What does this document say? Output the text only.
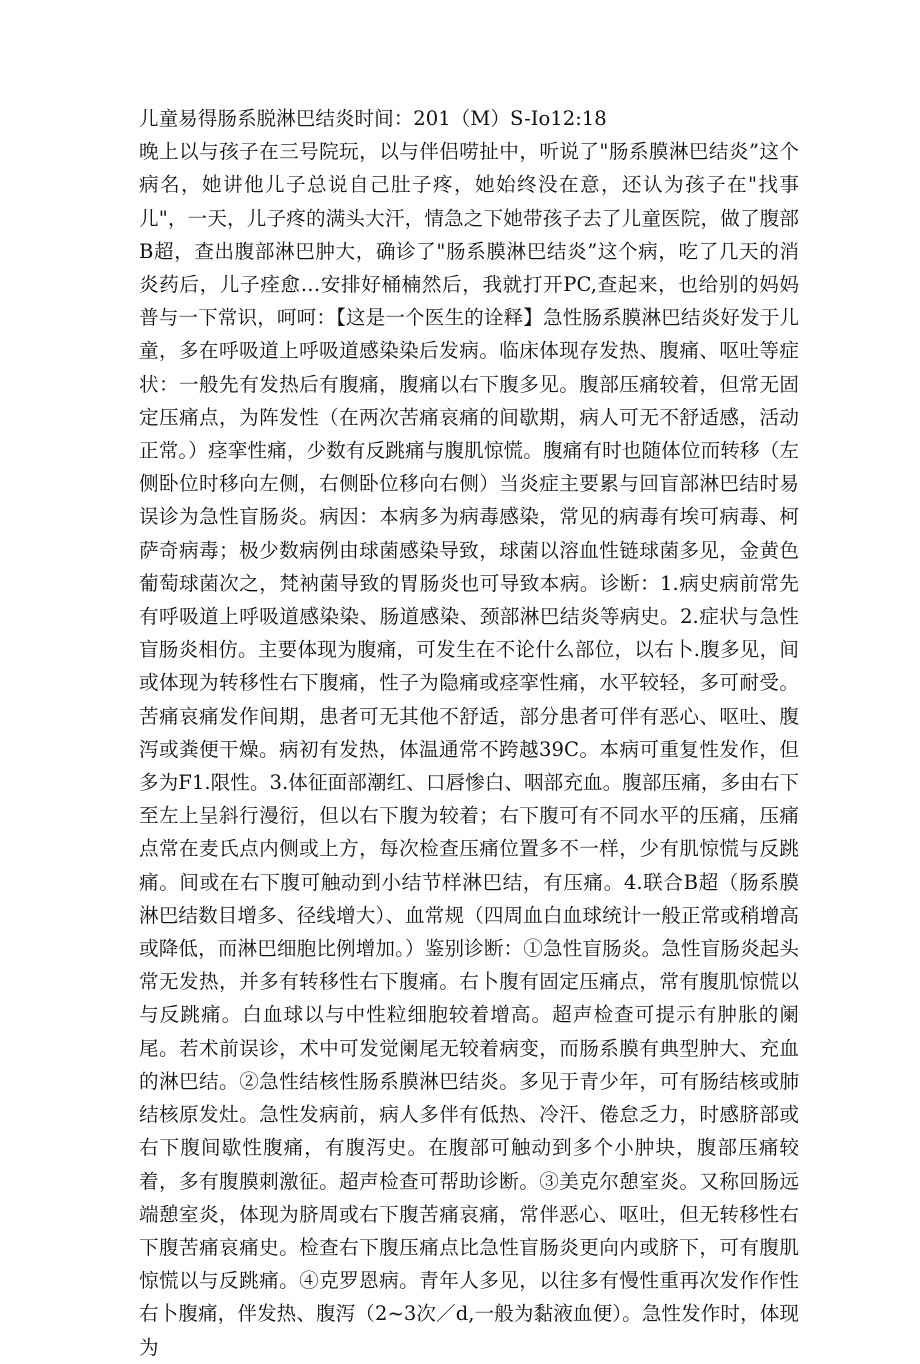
儿童易得肠系脱淋巴结炎时间：201（M）S-Io12:18

晚上以与孩子在三号院玩，以与伴侣唠扯中，听说了"肠系膜淋巴结炎”这个病名，她讲他儿子总说自己肚子疼，她始终没在意，还认为孩子在"找事儿"，一天，儿子疼的满头大汗，情急之下她带孩子去了儿童医院，做了腹部B超，查出腹部淋巴肿大，确诊了"肠系膜淋巴结炎”这个病，吃了几天的消炎药后，儿子痊愈…安排好桶楠然后，我就打开PC,查起来，也给别的妈妈普与一下常识，呵呵：【这是一个医生的诠释】急性肠系膜淋巴结炎好发于儿童，多在呼吸道上呼吸道感染染后发病。临床体现存发热、腹痛、呕吐等症状：一般先有发热后有腹痛，腹痛以右下腹多见。腹部压痛较着，但常无固定压痛点，为阵发性（在两次苦痛哀痛的间歇期，病人可无不舒适感，活动正常。）痉挛性痛，少数有反跳痛与腹肌惊慌。腹痛有时也随体位而转移（左侧卧位时移向左侧，右侧卧位移向右侧）当炎症主要累与回盲部淋巴结时易误诊为急性盲肠炎。病因：本病多为病毒感染，常见的病毒有埃可病毒、柯萨奇病毒；极少数病例由球菌感染导致，球菌以溶血性链球菌多见，金黄色葡萄球菌次之，梵衲菌导致的胃肠炎也可导致本病。诊断：1.病史病前常先有呼吸道上呼吸道感染染、肠道感染、颈部淋巴结炎等病史。2.症状与急性盲肠炎相仿。主要体现为腹痛，可发生在不论什么部位，以右卜.腹多见，间或体现为转移性右下腹痛，性子为隐痛或痉挛性痛，水平较轻，多可耐受。苦痛哀痛发作间期，患者可无其他不舒适，部分患者可伴有恶心、呕吐、腹泻或粪便干燥。病初有发热，体温通常不跨越39C。本病可重复性发作，但多为F1.限性。3.体征面部潮红、口唇惨白、咽部充血。腹部压痛，多由右下至左上呈斜行漫衍，但以右下腹为较着；右下腹可有不同水平的压痛，压痛点常在麦氏点内侧或上方，每次检查压痛位置多不一样，少有肌惊慌与反跳痛。间或在右下腹可触动到小结节样淋巴结，有压痛。4.联合B超（肠系膜淋巴结数目增多、径线增大）、血常规（四周血白血球统计一般正常或稍增高或降低，而淋巴细胞比例增加。）鉴别诊断：①急性盲肠炎。急性盲肠炎起头常无发热，并多有转移性右下腹痛。右卜腹有固定压痛点，常有腹肌惊慌以与反跳痛。白血球以与中性粒细胞较着增高。超声检查可提示有肿胀的阑尾。若术前误诊，术中可发觉阑尾无较着病变，而肠系膜有典型肿大、充血的淋巴结。②急性结核性肠系膜淋巴结炎。多见于青少年，可有肠结核或肺结核原发灶。急性发病前，病人多伴有低热、冷汗、倦怠乏力，时感脐部或右下腹间歇性腹痛，有腹泻史。在腹部可触动到多个小肿块，腹部压痛较着，多有腹膜刺激征。超声检查可帮助诊断。③美克尔憩室炎。又称回肠远端憩室炎，体现为脐周或右下腹苦痛哀痛，常伴恶心、呕吐，但无转移性右下腹苦痛哀痛史。检查右下腹压痛点比急性盲肠炎更向内或脐下，可有腹肌惊慌以与反跳痛。④克罗恩病。青年人多见，以往多有慢性重再次发作作性右卜腹痛，伴发热、腹泻（2~3次／d,一般为黏液血便）。急性发作时，体现为
